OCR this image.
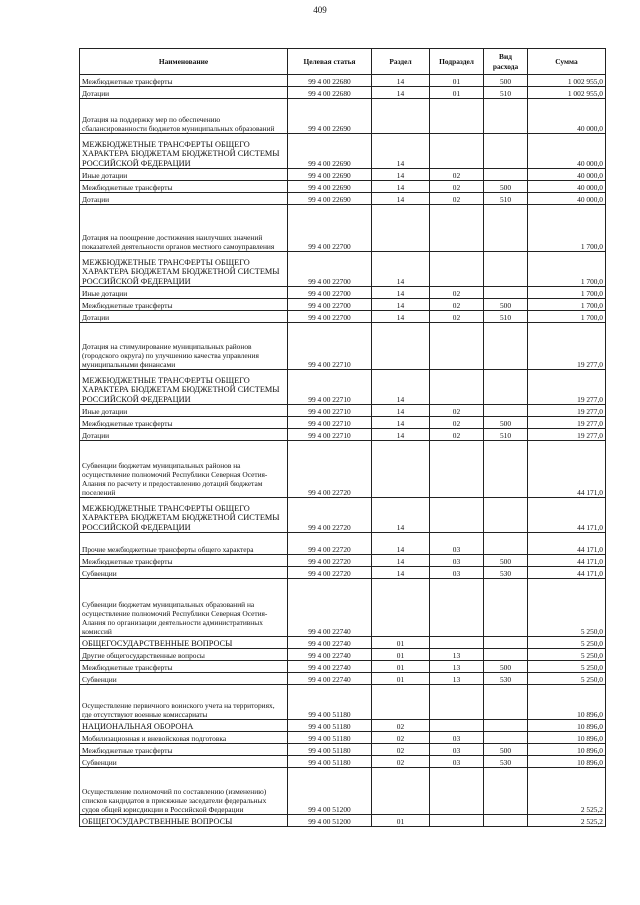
409
Наименование	Целевая статья	Раздел	Подраздел	Вид расхода	Сумма
Межбюджетные трансферты	99 4 00 22680	14	01	500	1 002 955,0
Дотации	99 4 00 22680	14	01	510	1 002 955,0
Дотация на поддержку мер по обеспечению сбалансированности бюджетов муниципальных образований	99 4 00 22690				40 000,0
МЕЖБЮДЖЕТНЫЕ ТРАНСФЕРТЫ ОБЩЕГО ХАРАКТЕРА БЮДЖЕТАМ БЮДЖЕТНОЙ СИСТЕМЫ РОССИЙСКОЙ ФЕДЕРАЦИИ	99 4 00 22690	14			40 000,0
Иные дотации	99 4 00 22690	14	02		40 000,0
Межбюджетные трансферты	99 4 00 22690	14	02	500	40 000,0
Дотации	99 4 00 22690	14	02	510	40 000,0
Дотация на поощрение достижения наилучших значений показателей деятельности органов местного самоуправления	99 4 00 22700				1 700,0
МЕЖБЮДЖЕТНЫЕ ТРАНСФЕРТЫ ОБЩЕГО ХАРАКТЕРА БЮДЖЕТАМ БЮДЖЕТНОЙ СИСТЕМЫ РОССИЙСКОЙ ФЕДЕРАЦИИ	99 4 00 22700	14			1 700,0
Иные дотации	99 4 00 22700	14	02		1 700,0
Межбюджетные трансферты	99 4 00 22700	14	02	500	1 700,0
Дотации	99 4 00 22700	14	02	510	1 700,0
Дотация на стимулирование муниципальных районов (городского округа) по улучшению качества управления муниципальными финансами	99 4 00 22710				19 277,0
МЕЖБЮДЖЕТНЫЕ ТРАНСФЕРТЫ ОБЩЕГО ХАРАКТЕРА БЮДЖЕТАМ БЮДЖЕТНОЙ СИСТЕМЫ РОССИЙСКОЙ ФЕДЕРАЦИИ	99 4 00 22710	14			19 277,0
Иные дотации	99 4 00 22710	14	02		19 277,0
Межбюджетные трансферты	99 4 00 22710	14	02	500	19 277,0
Дотации	99 4 00 22710	14	02	510	19 277,0
Субвенции бюджетам муниципальных районов на осуществление полномочий Республики Северная Осетия-Алания по расчету и предоставлению дотаций бюджетам поселений	99 4 00 22720				44 171,0
МЕЖБЮДЖЕТНЫЕ ТРАНСФЕРТЫ ОБЩЕГО ХАРАКТЕРА БЮДЖЕТАМ БЮДЖЕТНОЙ СИСТЕМЫ РОССИЙСКОЙ ФЕДЕРАЦИИ	99 4 00 22720	14			44 171,0
Прочие межбюджетные трансферты общего характера	99 4 00 22720	14	03		44 171,0
Межбюджетные трансферты	99 4 00 22720	14	03	500	44 171,0
Субвенции	99 4 00 22720	14	03	530	44 171,0
Субвенции бюджетам муниципальных образований на осуществление полномочий Республики Северная Осетия-Алания по организации деятельности административных комиссий	99 4 00 22740				5 250,0
ОБЩЕГОСУДАРСТВЕННЫЕ ВОПРОСЫ	99 4 00 22740	01			5 250,0
Другие общегосударственные вопросы	99 4 00 22740	01	13		5 250,0
Межбюджетные трансферты	99 4 00 22740	01	13	500	5 250,0
Субвенции	99 4 00 22740	01	13	530	5 250,0
Осуществление первичного воинского учета на территориях, где отсутствуют военные комиссариаты	99 4 00 51180				10 896,0
НАЦИОНАЛЬНАЯ ОБОРОНА	99 4 00 51180	02			10 896,0
Мобилизационная и вневойсковая подготовка	99 4 00 51180	02	03		10 896,0
Межбюджетные трансферты	99 4 00 51180	02	03	500	10 896,0
Субвенции	99 4 00 51180	02	03	530	10 896,0
Осуществление полномочий по составлению (изменению) списков кандидатов в присяжные заседатели федеральных судов общей юрисдикции в Российской Федерации	99 4 00 51200				2 525,2
ОБЩЕГОСУДАРСТВЕННЫЕ ВОПРОСЫ	99 4 00 51200	01			2 525,2
